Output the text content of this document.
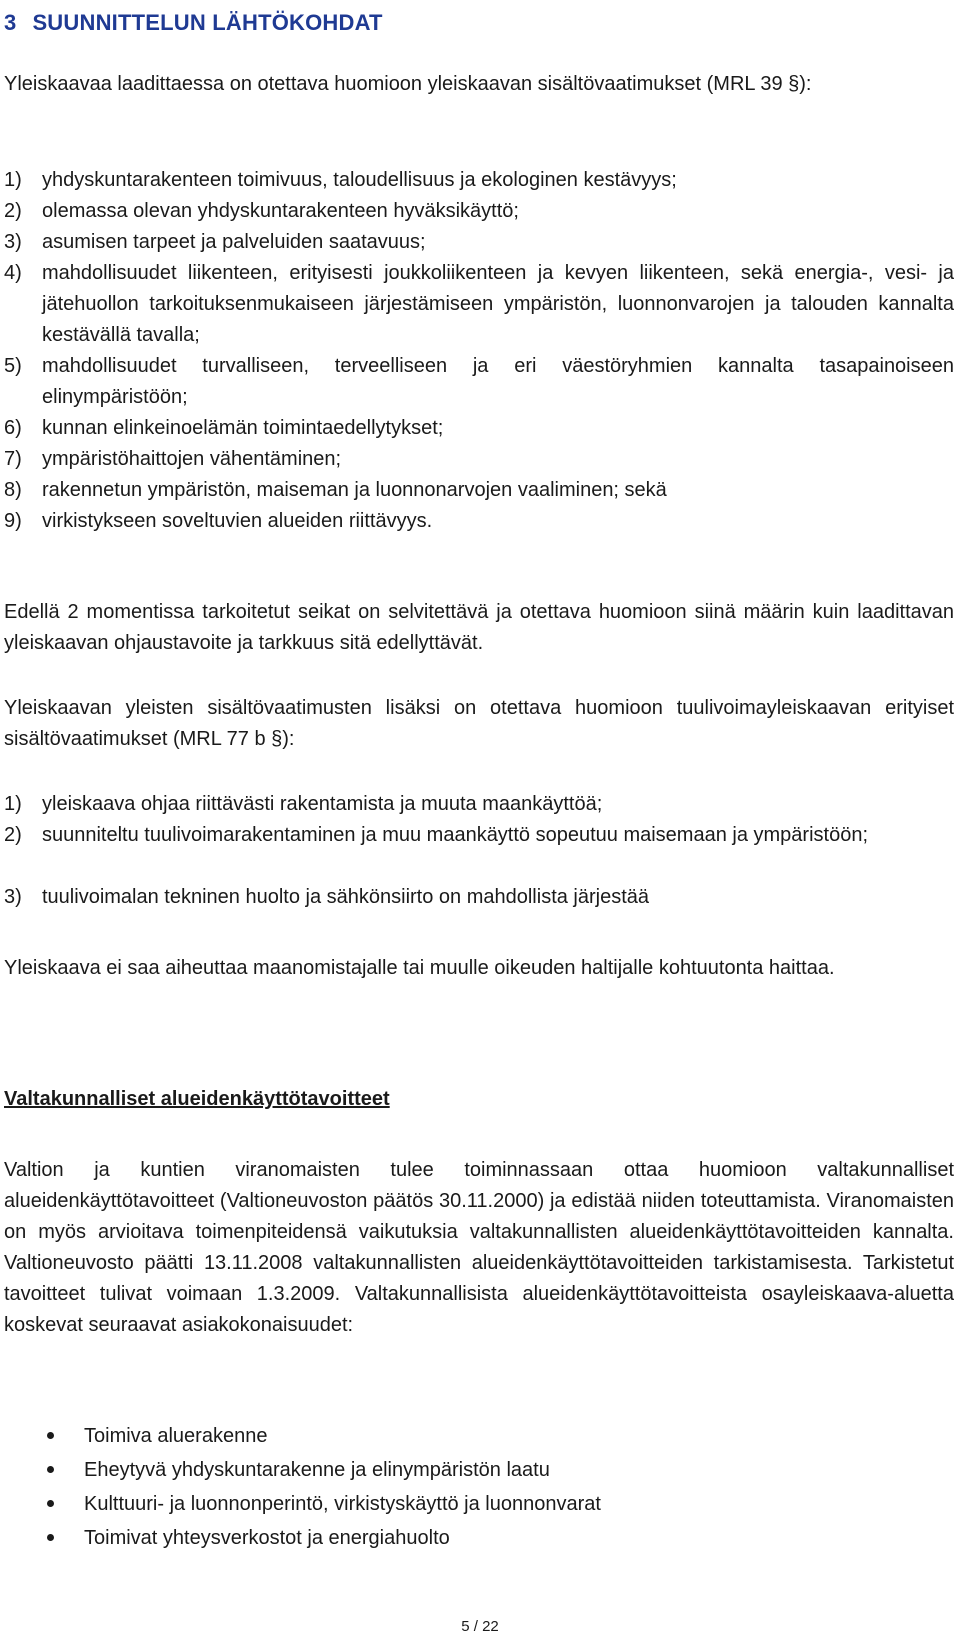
3 SUUNNITTELUN LÄHTÖKOHDAT
Yleiskaavaa laadittaessa on otettava huomioon yleiskaavan sisältövaatimukset (MRL 39 §):
1)	yhdyskuntarakenteen toimivuus, taloudellisuus ja ekologinen kestävyys;
2)	olemassa olevan yhdyskuntarakenteen hyväksikäyttö;
3)	asumisen tarpeet ja palveluiden saatavuus;
4)	mahdollisuudet liikenteen, erityisesti joukkoliikenteen ja kevyen liikenteen, sekä energia-, vesi- ja jätehuollon tarkoituksenmukaiseen järjestämiseen ympäristön, luonnonvarojen ja talouden kannalta kestävällä tavalla;
5)	mahdollisuudet turvalliseen, terveelliseen ja eri väestöryhmien kannalta tasapainoiseen elinympäristöön;
6)	kunnan elinkeinoelämän toimintaedellytykset;
7)	ympäristöhaittojen vähentäminen;
8)	rakennetun ympäristön, maiseman ja luonnonarvojen vaaliminen; sekä
9)	virkistykseen soveltuvien alueiden riittävyys.
Edellä 2 momentissa tarkoitetut seikat on selvitettävä ja otettava huomioon siinä määrin kuin laadittavan yleiskaavan ohjaustavoite ja tarkkuus sitä edellyttävät.
Yleiskaavan yleisten sisältövaatimusten lisäksi on otettava huomioon tuulivoimayleiskaavan erityiset sisältövaatimukset (MRL 77 b §):
1)	yleiskaava ohjaa riittävästi rakentamista ja muuta maankäyttöä;
2)	suunniteltu tuulivoimarakentaminen ja muu maankäyttö sopeutuu maisemaan ja ympäristöön;
3)	tuulivoimalan tekninen huolto ja sähkönsiirto on mahdollista järjestää
Yleiskaava ei saa aiheuttaa maanomistajalle tai muulle oikeuden haltijalle kohtuutonta haittaa.
Valtakunnalliset alueidenkäyttötavoitteet
Valtion ja kuntien viranomaisten tulee toiminnassaan ottaa huomioon valtakunnalliset alueidenkäyttötavoitteet (Valtioneuvoston päätös 30.11.2000) ja edistää niiden toteuttamista. Viranomaisten on myös arvioitava toimenpiteidensä vaikutuksia valtakunnallisten alueidenkäyttötavoitteiden kannalta. Valtioneuvosto päätti 13.11.2008 valtakunnallisten alueidenkäyttötavoitteiden tarkistamisesta. Tarkistetut tavoitteet tulivat voimaan 1.3.2009. Valtakunnallisista alueidenkäyttötavoitteista osayleiskaava-aluetta koskevat seuraavat asiakokonaisuudet:
Toimiva aluerakenne
Eheytyvä yhdyskuntarakenne ja elinympäristön laatu
Kulttuuri- ja luonnonperintö, virkistyskäyttö ja luonnonvarat
Toimivat yhteysverkostot ja energiahuolto
5 / 22
